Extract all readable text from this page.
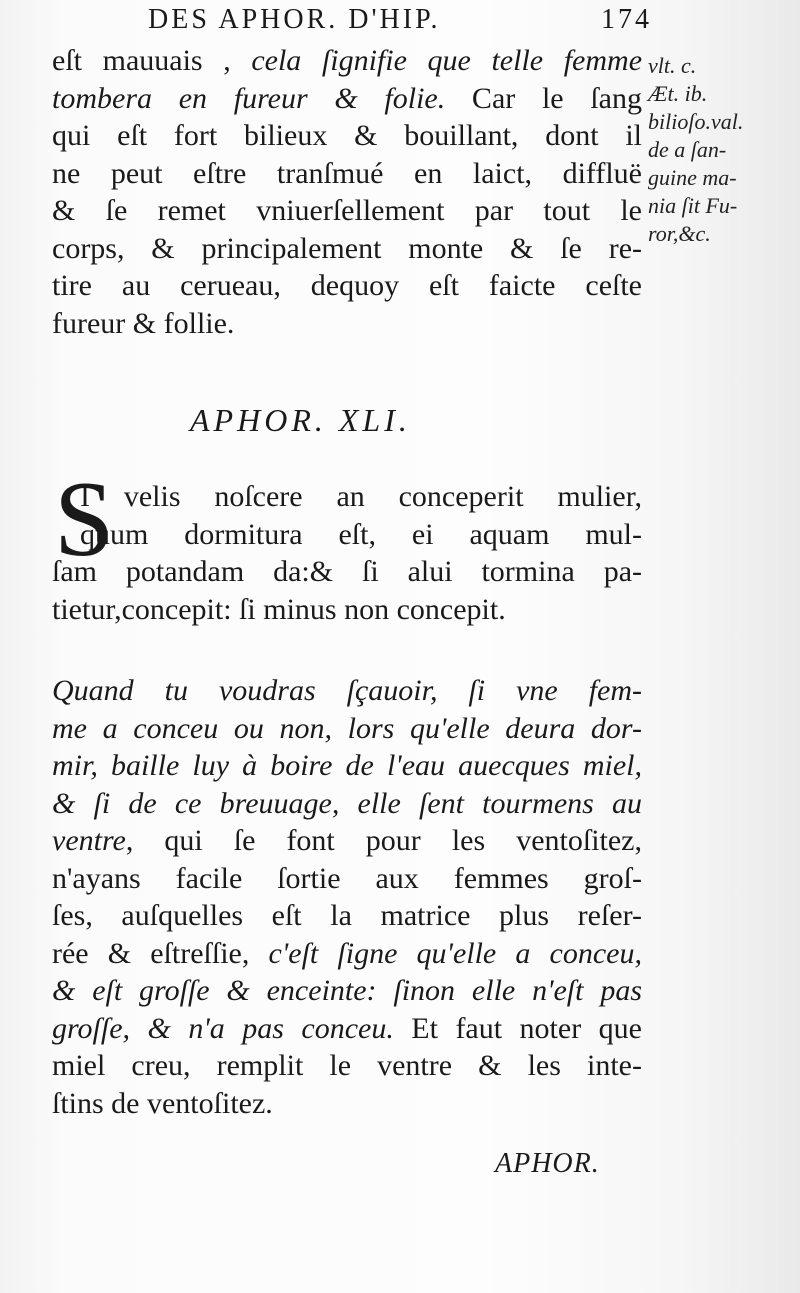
DES APHOR. D'HIP.	174
eſt mauuais , cela ſignifie que telle femme
tombera en fureur & folie. Car le ſang
qui eſt fort bilieux & bouillant, dont il
ne peut eſtre tranſmué en laict, diffluë
& ſe remet vniuerſellement par tout le
corps, & principalement monte & ſe re-
tire au cerueau, dequoy eſt faicte ceſte
fureur & follie.
vlt. c.
Æt. ib.
bilioſo.val.
de a ſan-
guine ma-
nia ſit Fu-
ror,&c.
APHOR. XLI.
S
I velis noſcere an conceperit mulier,
quum dormitura eſt, ei aquam mul-
ſam potandam da:& ſi alui tormina pa-
tietur,concepit: ſi minus non concepit.
Quand tu voudras ſçauoir, ſi vne fem-
me a conceu ou non, lors qu'elle deura dor-
mir, baille luy à boire de l'eau auecques miel,
& ſi de ce breuuage, elle ſent tourmens au
ventre, qui ſe font pour les ventoſitez,
n'ayans facile ſortie aux femmes groſ-
ſes, auſquelles eſt la matrice plus reſer-
rée & eſtreſſie, c'eſt ſigne qu'elle a conceu,
& eſt groſſe & enceinte: ſinon elle n'eſt pas
groſſe, & n'a pas conceu. Et faut noter que
miel creu, remplit le ventre & les inte-
ſtins de ventoſitez.
APHOR.
